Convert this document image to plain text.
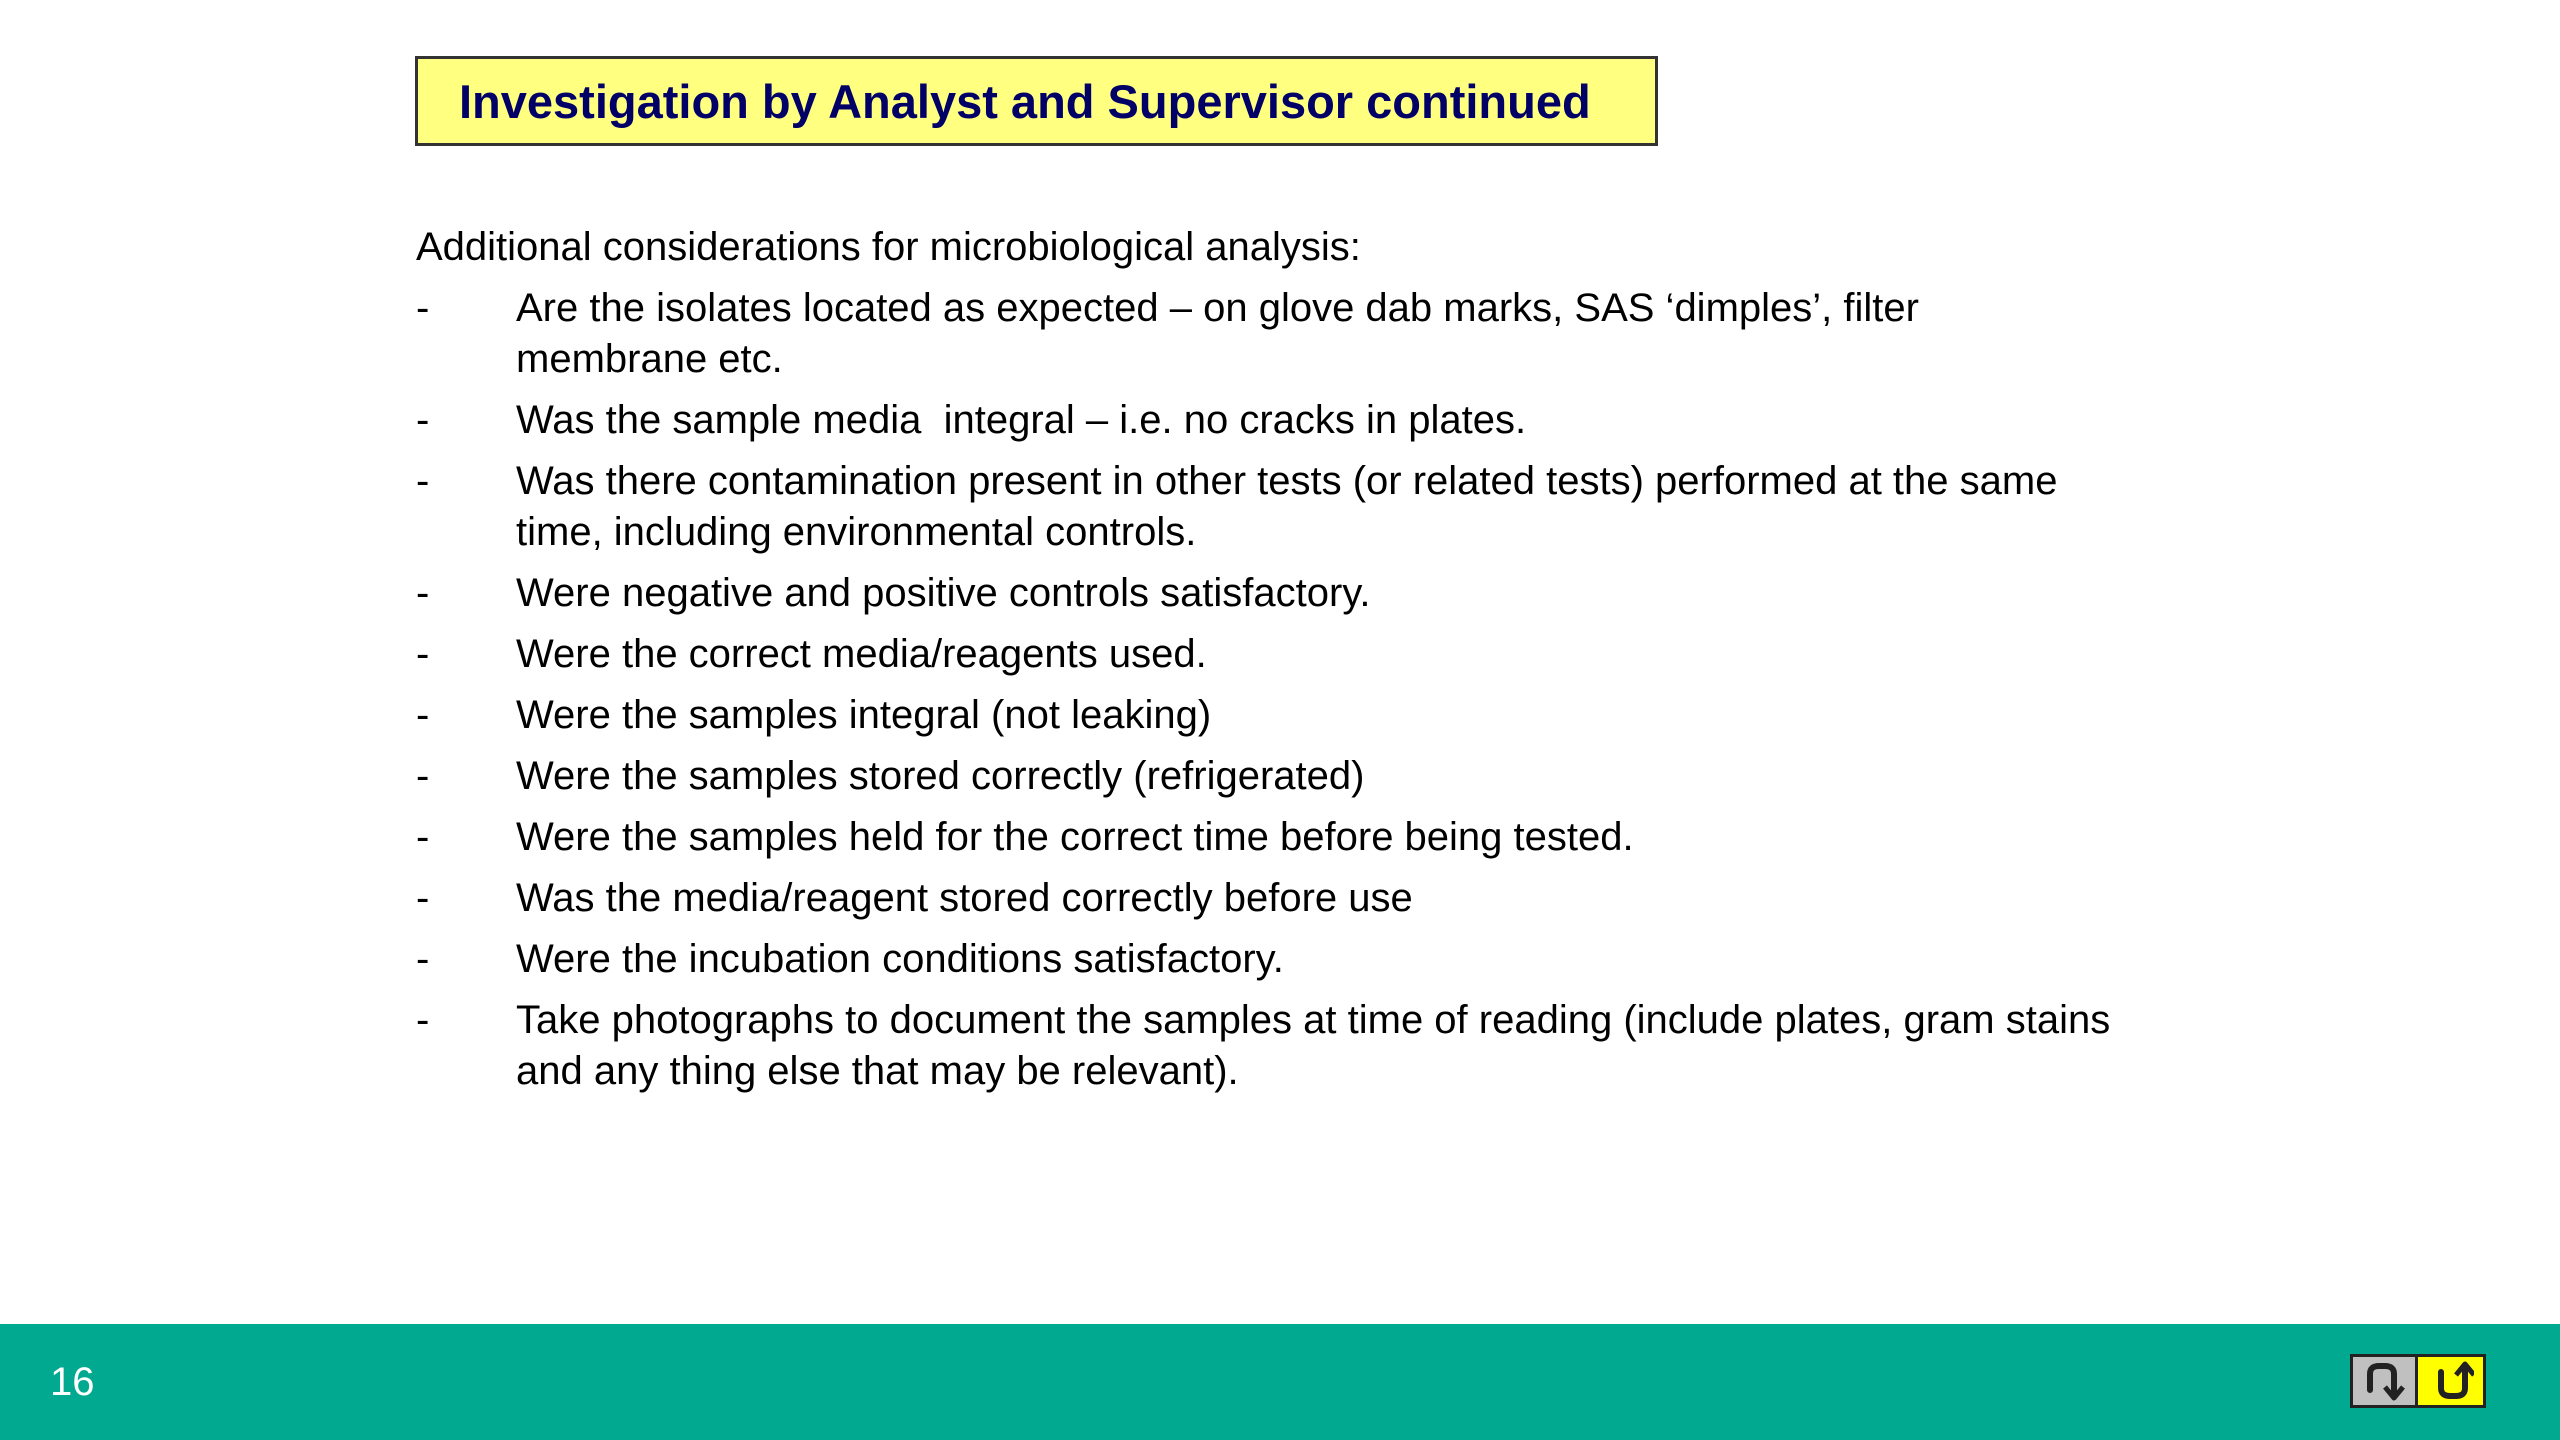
Investigation by Analyst and Supervisor continued

Additional considerations for microbiological analysis:

- Are the isolates located as expected – on glove dab marks, SAS ‘dimples’, filter membrane etc.
- Was the sample media  integral – i.e. no cracks in plates.
- Was there contamination present in other tests (or related tests) performed at the same time, including environmental controls.
- Were negative and positive controls satisfactory.
- Were the correct media/reagents used.
- Were the samples integral (not leaking)
- Were the samples stored correctly (refrigerated)
- Were the samples held for the correct time before being tested.
- Was the media/reagent stored correctly before use
- Were the incubation conditions satisfactory.
- Take photographs to document the samples at time of reading (include plates, gram stains and any thing else that may be relevant).
16
